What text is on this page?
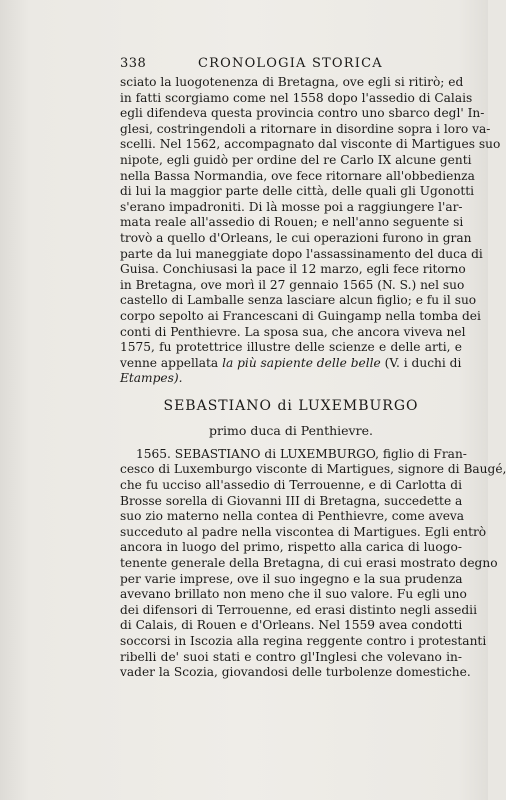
338	CRONOLOGIA STORICA
sciato la luogotenenza di Bretagna, ove egli si ritirò; ed
in fatti scorgiamo come nel 1558 dopo l'assedio di Calais
egli difendeva questa provincia contro uno sbarco degl' In-
glesi, costringendoli a ritornare in disordine sopra i loro va-
scelli. Nel 1562, accompagnato dal visconte di Martigues suo
nipote, egli guidò per ordine del re Carlo IX alcune genti
nella Bassa Normandia, ove fece ritornare all'obbedienza
di lui la maggior parte delle città, delle quali gli Ugonotti
s'erano impadroniti. Di là mosse poi a raggiungere l'ar-
mata reale all'assedio di Rouen; e nell'anno seguente si
trovò a quello d'Orleans, le cui operazioni furono in gran
parte da lui maneggiate dopo l'assassinamento del duca di
Guisa. Conchiusasi la pace il 12 marzo, egli fece ritorno
in Bretagna, ove morì il 27 gennaio 1565 (N. S.) nel suo
castello di Lamballe senza lasciare alcun figlio; e fu il suo
corpo sepolto ai Francescani di Guingamp nella tomba dei
conti di Penthievre. La sposa sua, che ancora viveva nel
1575, fu protettrice illustre delle scienze e delle arti, e
venne appellata la più sapiente delle belle (V. i duchi di
Etampes).
SEBASTIANO di LUXEMBURGO
primo duca di Penthievre.
1565. SEBASTIANO di LUXEMBURGO, figlio di Fran-
cesco di Luxemburgo visconte di Martigues, signore di Baugé,
che fu ucciso all'assedio di Terrouenne, e di Carlotta di
Brosse sorella di Giovanni III di Bretagna, succedette a
suo zio materno nella contea di Penthievre, come aveva
succeduto al padre nella viscontea di Martigues. Egli entrò
ancora in luogo del primo, rispetto alla carica di luogo-
tenente generale della Bretagna, di cui erasi mostrato degno
per varie imprese, ove il suo ingegno e la sua prudenza
avevano brillato non meno che il suo valore. Fu egli uno
dei difensori di Terrouenne, ed erasi distinto negli assedii
di Calais, di Rouen e d'Orleans. Nel 1559 avea condotti
soccorsi in Iscozia alla regina reggente contro i protestanti
ribelli de' suoi stati e contro gl'Inglesi che volevano in-
vader la Scozia, giovandosi delle turbolenze domestiche.
